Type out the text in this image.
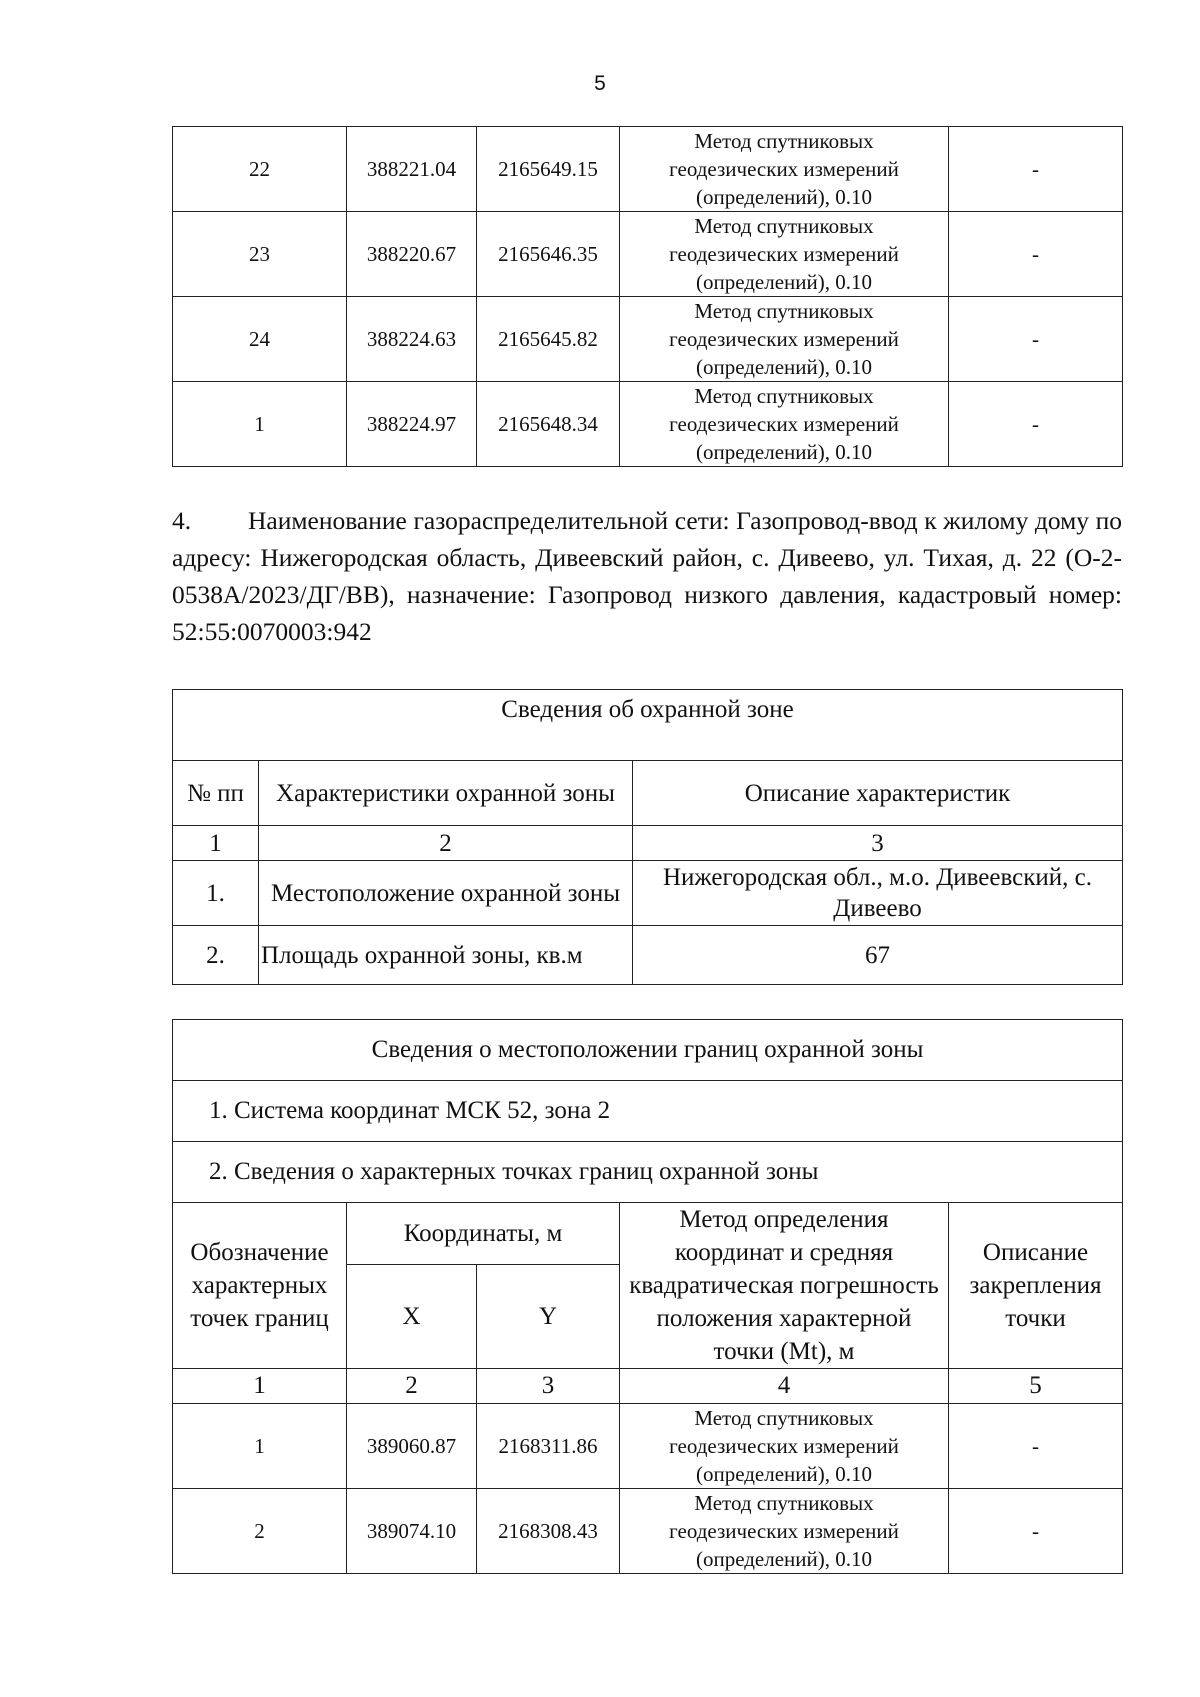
5
22	388221.04	2165649.15	Метод спутниковых
геодезических измерений
(определений), 0.10	-
23	388220.67	2165646.35	Метод спутниковых
геодезических измерений
(определений), 0.10	-
24	388224.63	2165645.82	Метод спутниковых
геодезических измерений
(определений), 0.10	-
1	388224.97	2165648.34	Метод спутниковых
геодезических измерений
(определений), 0.10	-
4. Наименование газораспределительной сети: Газопровод-ввод к жилому дому по адресу: Нижегородская область, Дивеевский район, с. Дивеево, ул. Тихая, д. 22 (О-2-0538А/2023/ДГ/ВВ), назначение: Газопровод низкого давления, кадастровый номер: 52:55:0070003:942
Сведения об охранной зоне		
№ пп	Характеристики охранной зоны	Описание характеристик
1	2	3
1.	Местоположение охранной зоны	Нижегородская обл., м.о. Дивеевский, с. Дивеево
2.	Площадь охранной зоны, кв.м	67
Сведения о местоположении границ охранной зоны				
1. Система координат МСК 52, зона 2				
2. Сведения о характерных точках границ охранной зоны				
Обозначение характерных точек границ	Координаты, м		Метод определения координат и средняя квадратическая погрешность положения характерной точки (Mt), м	Описание закрепления точки
	X	Y		
1	2	3	4	5
1	389060.87	2168311.86	Метод спутниковых
геодезических измерений
(определений), 0.10	-
2	389074.10	2168308.43	Метод спутниковых
геодезических измерений
(определений), 0.10	-
